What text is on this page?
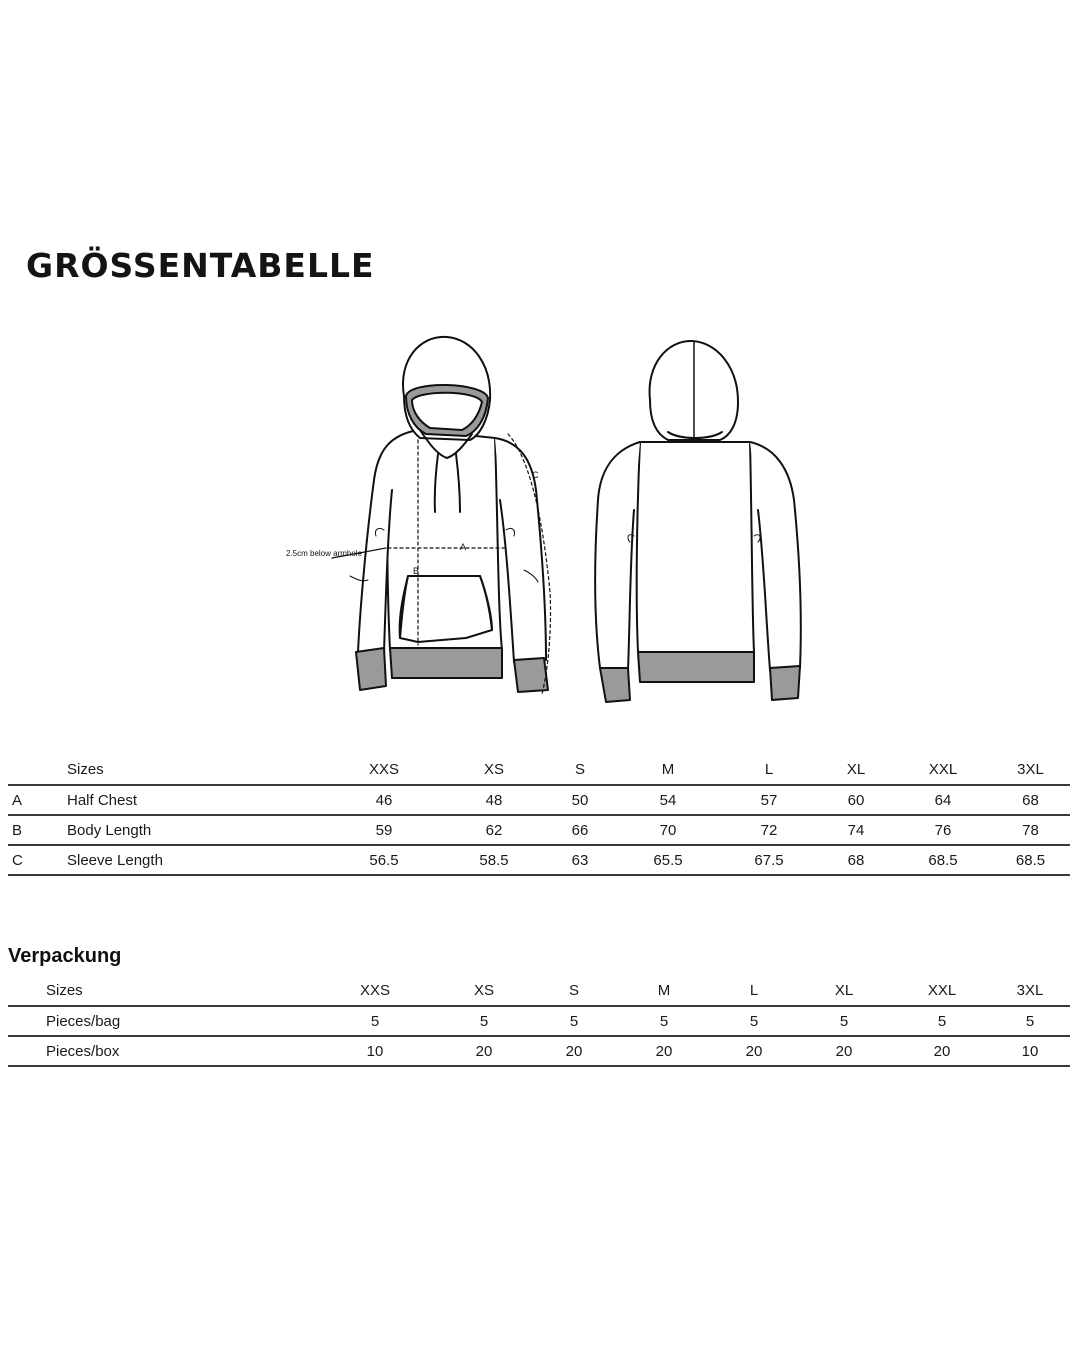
GRÖSSENTABELLE
A
B
C
2.5cm below armhole
	Sizes	XXS	XS	S	M	L	XL	XXL	3XL
A	Half Chest	46	48	50	54	57	60	64	68
B	Body Length	59	62	66	70	72	74	76	78
C	Sleeve Length	56.5	58.5	63	65.5	67.5	68	68.5	68.5
Verpackung
	Sizes	XXS	XS	S	M	L	XL	XXL	3XL
	Pieces/bag	5	5	5	5	5	5	5	5
	Pieces/box	10	20	20	20	20	20	20	10
